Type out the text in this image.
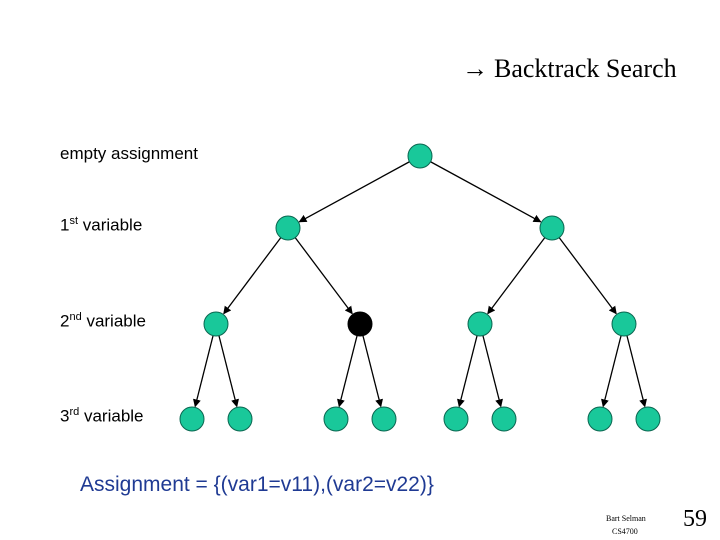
→ Backtrack Search
empty assignment
1st variable
2nd variable
3rd variable
Assignment = {(var1=v11),(var2=v22)}
Bart Selman
CS4700 59
